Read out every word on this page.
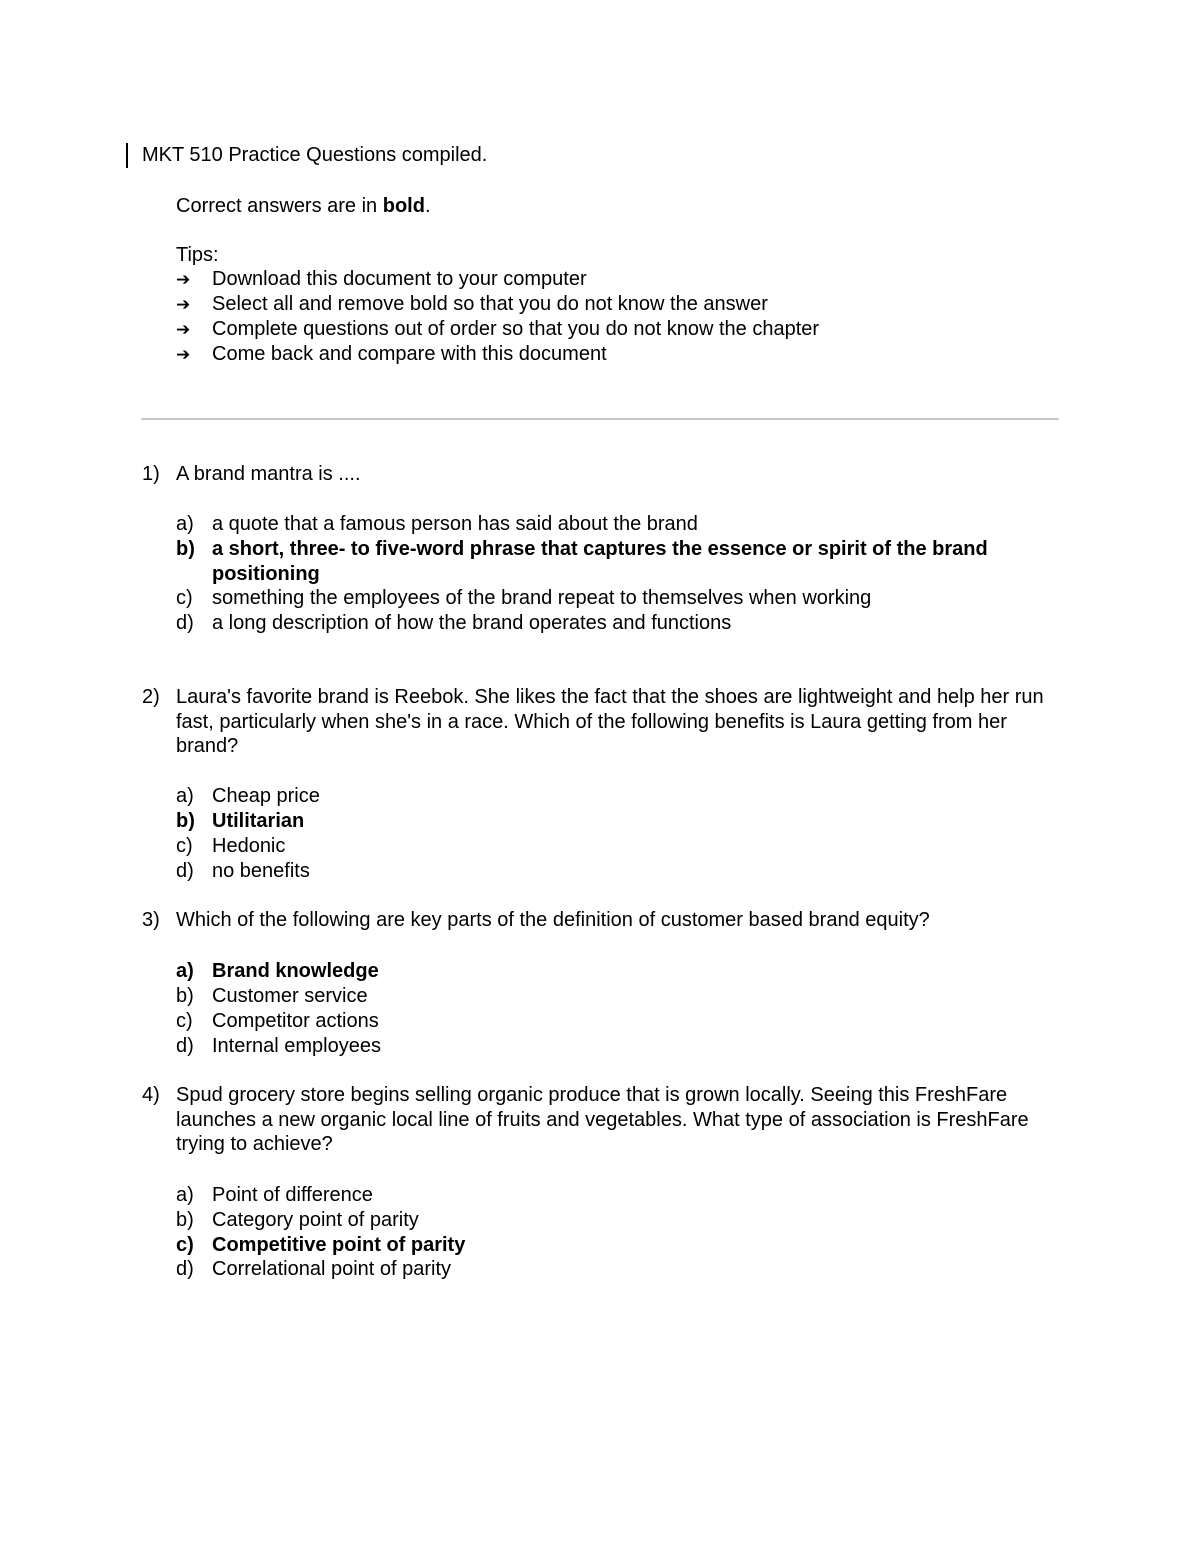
MKT 510 Practice Questions compiled.
Correct answers are in bold.
Tips:
➔ Download this document to your computer
➔ Select all and remove bold so that you do not know the answer
➔ Complete questions out of order so that you do not know the chapter
➔ Come back and compare with this document
1) A brand mantra is ....
a) a quote that a famous person has said about the brand
b) a short, three- to five-word phrase that captures the essence or spirit of the brand positioning
c) something the employees of the brand repeat to themselves when working
d) a long description of how the brand operates and functions
2) Laura's favorite brand is Reebok. She likes the fact that the shoes are lightweight and help her run fast, particularly when she's in a race. Which of the following benefits is Laura getting from her brand?
a) Cheap price
b) Utilitarian
c) Hedonic
d) no benefits
3) Which of the following are key parts of the definition of customer based brand equity?
a) Brand knowledge
b) Customer service
c) Competitor actions
d) Internal employees
4) Spud grocery store begins selling organic produce that is grown locally. Seeing this FreshFare launches a new organic local line of fruits and vegetables. What type of association is FreshFare trying to achieve?
a) Point of difference
b) Category point of parity
c) Competitive point of parity
d) Correlational point of parity
